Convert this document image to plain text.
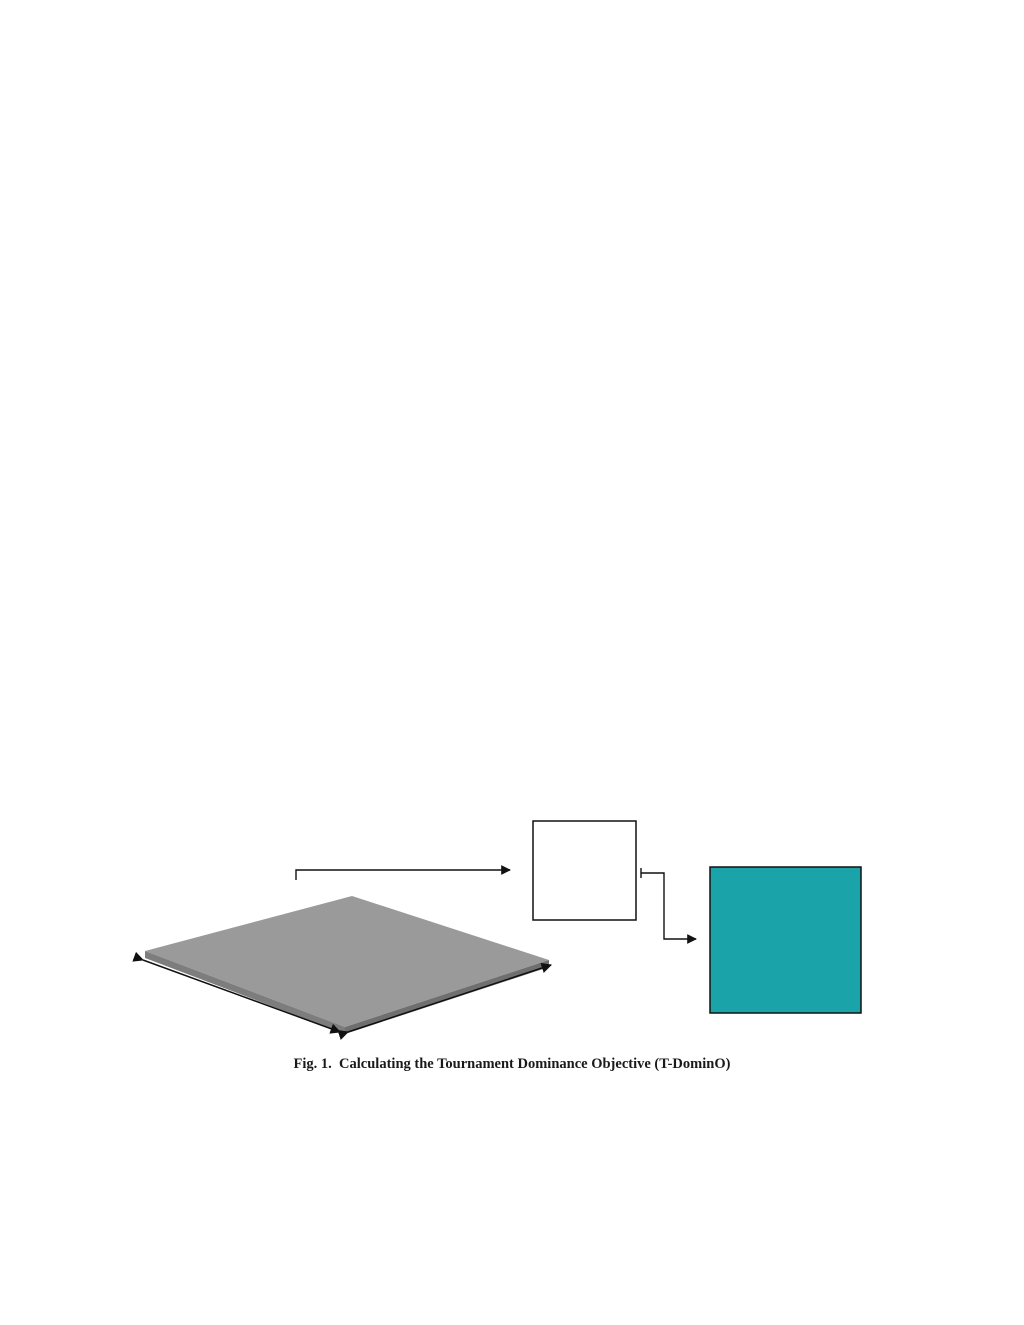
Fig. 1.  Calculating the Tournament Dominance Objective (T-DominO)
